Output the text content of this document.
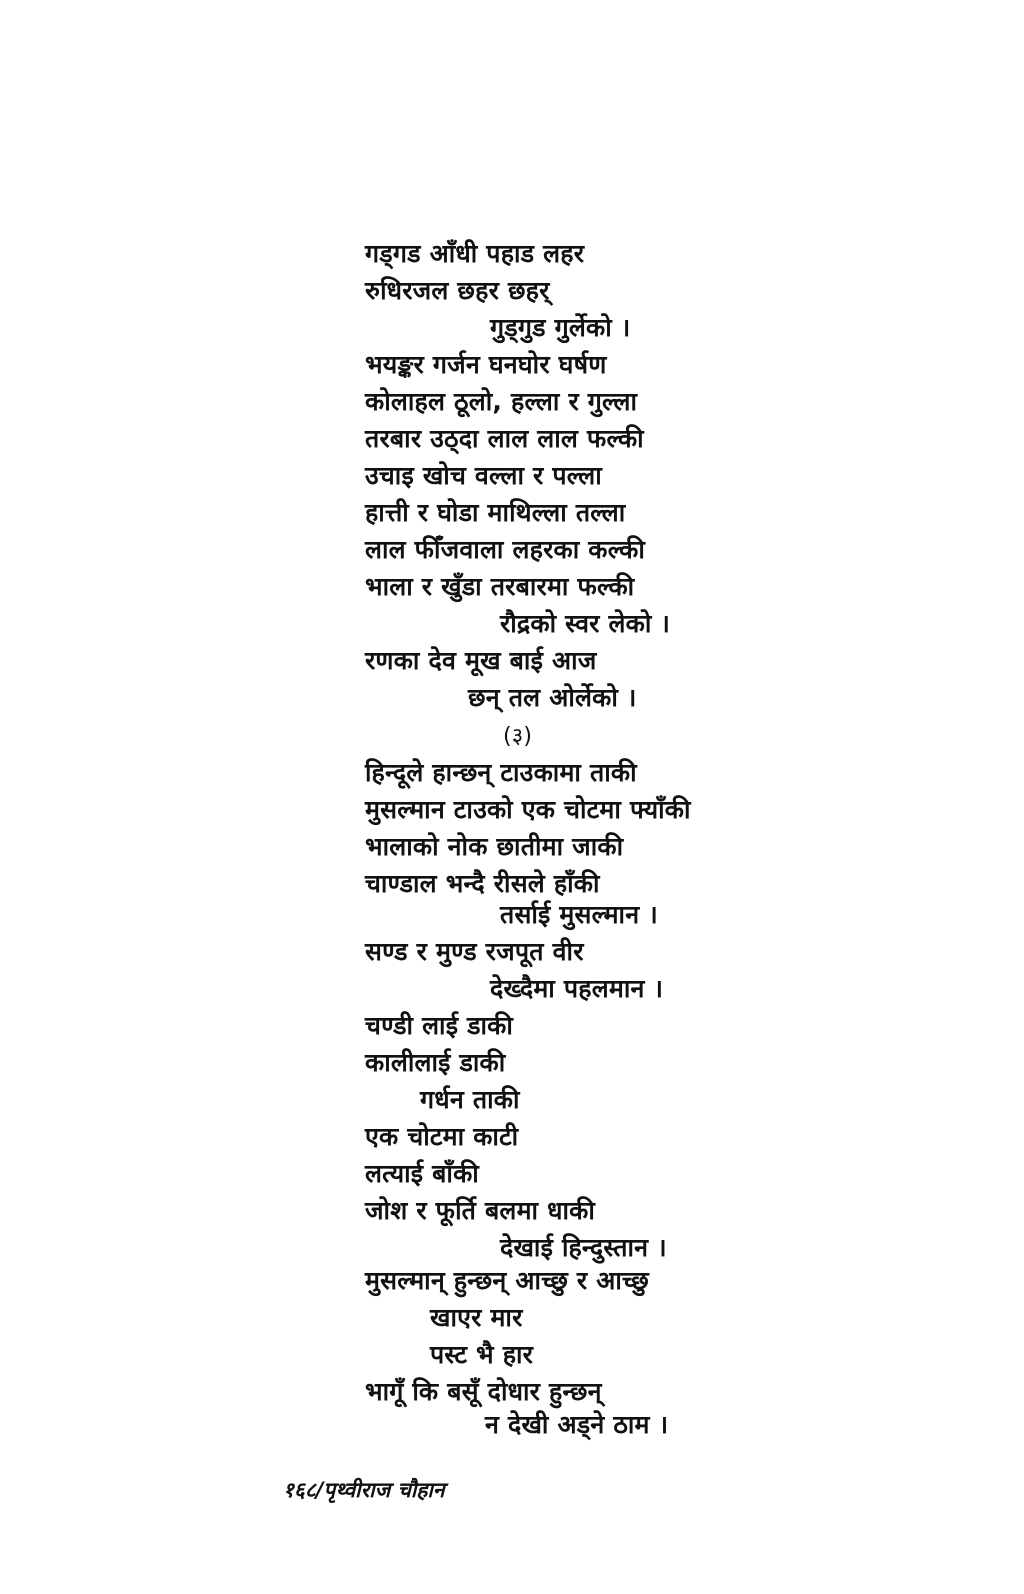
गड्गड आँधी पहाड लहर
रुधिरजल छहर छहर्
गुड्गुड गुर्लेको ।
भयङ्कर गर्जन घनघोर घर्षण
कोलाहल ठूलो, हल्ला र गुल्ला
तरबार उठ्दा लाल लाल फल्की
उचाइ खोच वल्ला र पल्ला
हात्ती र घोडा माथिल्ला तल्ला
लाल फीँजवाला लहरका कल्की
भाला र खुँडा तरबारमा फल्की
रौद्रको स्वर लेको ।
रणका देव मूख बाई आज
छन् तल ओर्लेको ।
(३)
हिन्दूले हान्छन् टाउकामा ताकी
मुसल्मान टाउको एक चोटमा फ्याँकी
भालाको नोक छातीमा जाकी
चाण्डाल भन्दै रीसले हाँकी
तर्साई मुसल्मान ।
सण्ड र मुण्ड रजपूत वीर
देख्दैमा पहलमान ।
चण्डी लाई डाकी
कालीलाई डाकी
गर्धन ताकी
एक चोटमा काटी
लत्याई बाँकी
जोश र फूर्ति बलमा धाकी
देखाई हिन्दुस्तान ।
मुसल्मान् हुन्छन् आच्छु र आच्छु
खाएर मार
पस्ट भै हार
भागूँ कि बसूँ दोधार हुन्छन्
न देखी अड्ने ठाम ।
१६८/पृथ्वीराज चौहान
